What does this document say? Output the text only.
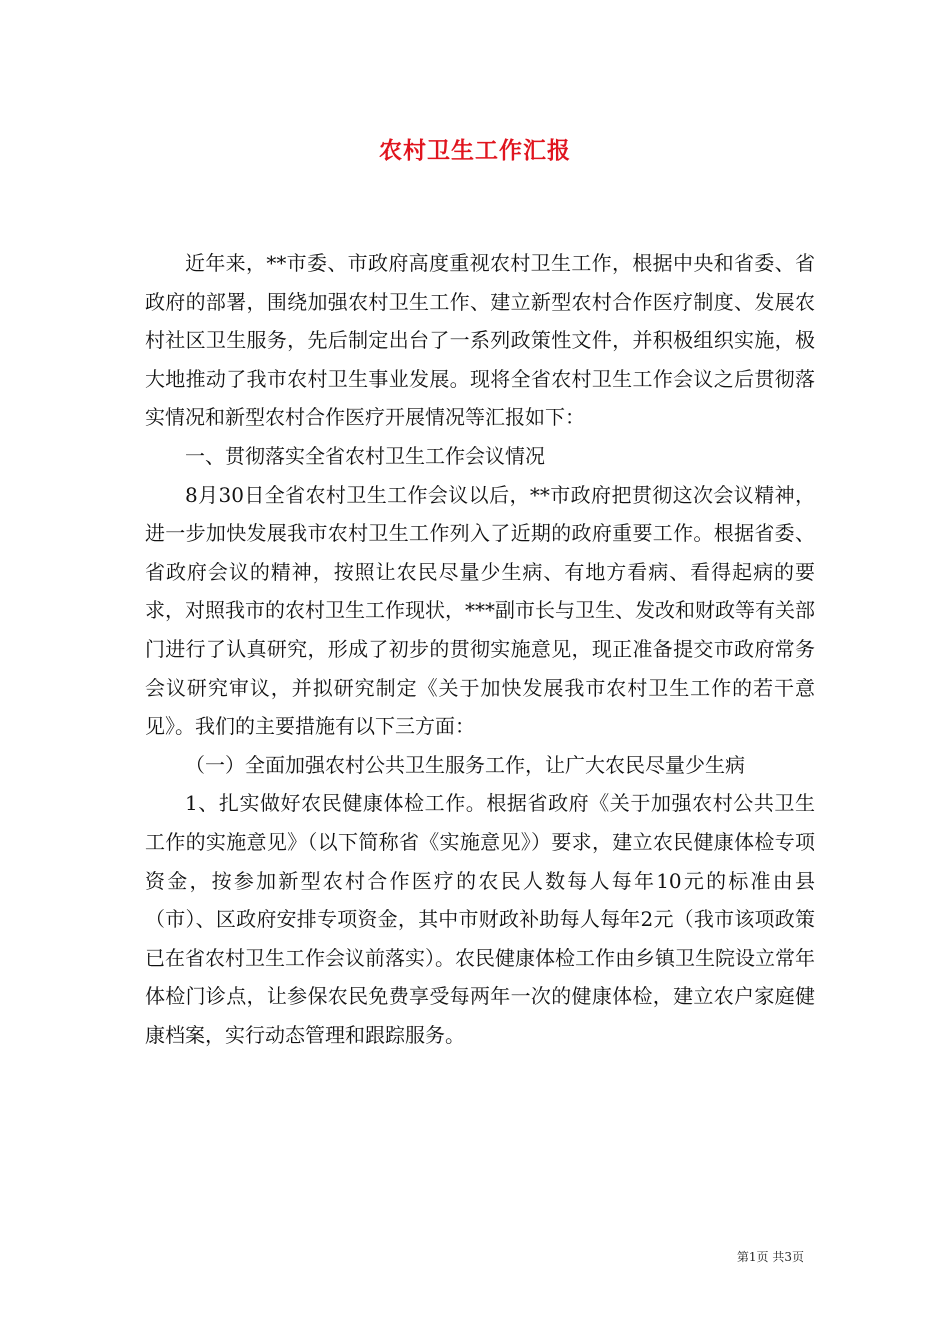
农村卫生工作汇报

近年来，**市委、市政府高度重视农村卫生工作，根据中央和省委、省政府的部署，围绕加强农村卫生工作、建立新型农村合作医疗制度、发展农村社区卫生服务，先后制定出台了一系列政策性文件，并积极组织实施，极大地推动了我市农村卫生事业发展。现将全省农村卫生工作会议之后贯彻落实情况和新型农村合作医疗开展情况等汇报如下：

一、贯彻落实全省农村卫生工作会议情况

8月30日全省农村卫生工作会议以后，**市政府把贯彻这次会议精神，进一步加快发展我市农村卫生工作列入了近期的政府重要工作。根据省委、省政府会议的精神，按照让农民尽量少生病、有地方看病、看得起病的要求，对照我市的农村卫生工作现状，***副市长与卫生、发改和财政等有关部门进行了认真研究，形成了初步的贯彻实施意见，现正准备提交市政府常务会议研究审议，并拟研究制定《关于加快发展我市农村卫生工作的若干意见》。我们的主要措施有以下三方面：

（一）全面加强农村公共卫生服务工作，让广大农民尽量少生病

1、扎实做好农民健康体检工作。根据省政府《关于加强农村公共卫生工作的实施意见》（以下简称省《实施意见》）要求，建立农民健康体检专项资金，按参加新型农村合作医疗的农民人数每人每年10元的标准由县（市）、区政府安排专项资金，其中市财政补助每人每年2元（我市该项政策已在省农村卫生工作会议前落实）。农民健康体检工作由乡镇卫生院设立常年体检门诊点，让参保农民免费享受每两年一次的健康体检，建立农户家庭健康档案，实行动态管理和跟踪服务。

第1页 共3页
